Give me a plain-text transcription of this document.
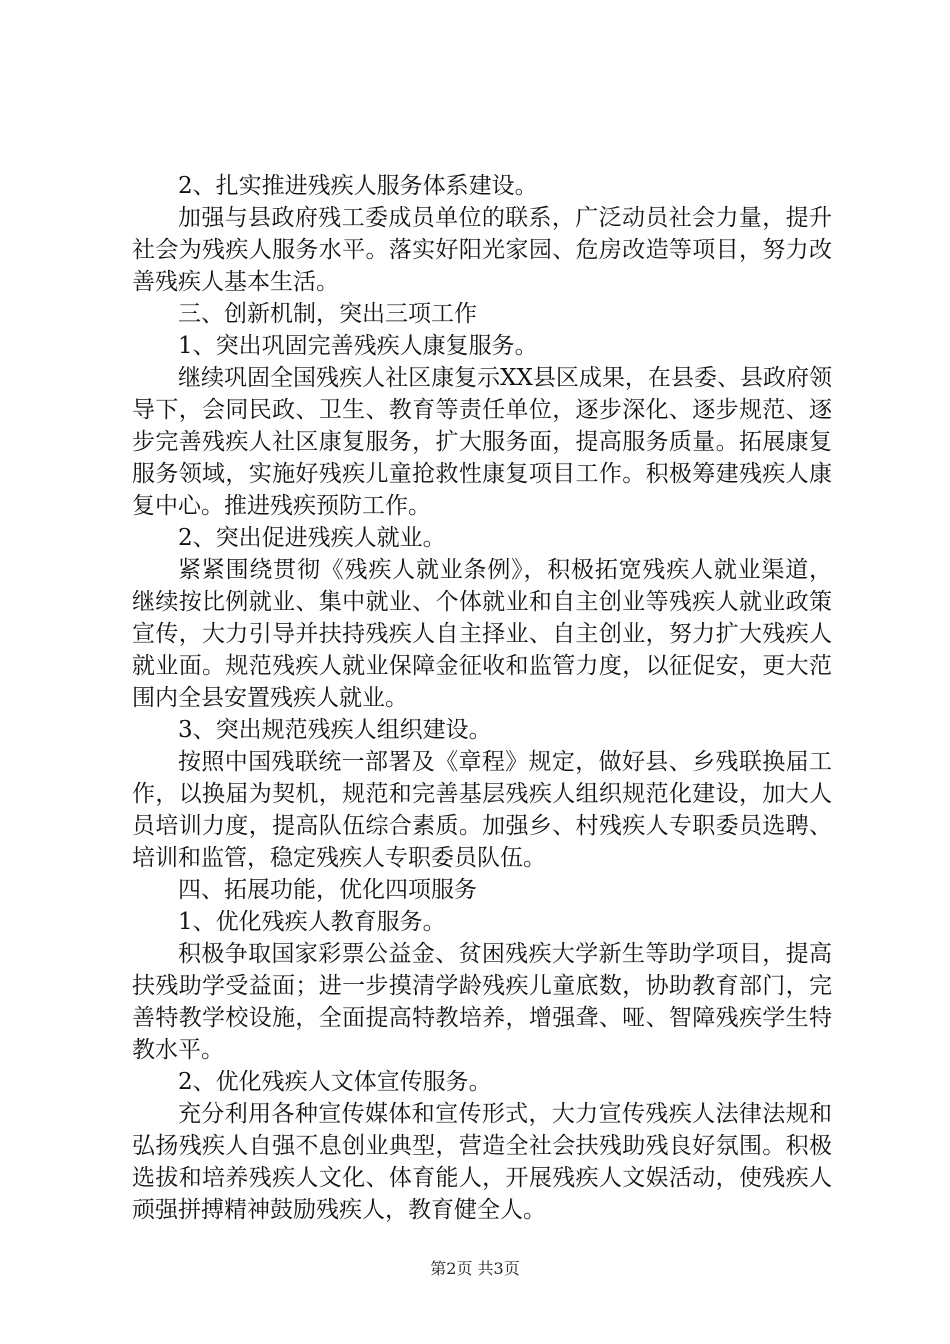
2、扎实推进残疾人服务体系建设。

加强与县政府残工委成员单位的联系，广泛动员社会力量，提升社会为残疾人服务水平。落实好阳光家园、危房改造等项目，努力改善残疾人基本生活。

三、创新机制，突出三项工作

1、突出巩固完善残疾人康复服务。

继续巩固全国残疾人社区康复示XX县区成果，在县委、县政府领导下，会同民政、卫生、教育等责任单位，逐步深化、逐步规范、逐步完善残疾人社区康复服务，扩大服务面，提高服务质量。拓展康复服务领域，实施好残疾儿童抢救性康复项目工作。积极筹建残疾人康复中心。推进残疾预防工作。

2、突出促进残疾人就业。

紧紧围绕贯彻《残疾人就业条例》，积极拓宽残疾人就业渠道，继续按比例就业、集中就业、个体就业和自主创业等残疾人就业政策宣传，大力引导并扶持残疾人自主择业、自主创业，努力扩大残疾人就业面。规范残疾人就业保障金征收和监管力度，以征促安，更大范围内全县安置残疾人就业。

3、突出规范残疾人组织建设。

按照中国残联统一部署及《章程》规定，做好县、乡残联换届工作，以换届为契机，规范和完善基层残疾人组织规范化建设，加大人员培训力度，提高队伍综合素质。加强乡、村残疾人专职委员选聘、培训和监管，稳定残疾人专职委员队伍。

四、拓展功能，优化四项服务

1、优化残疾人教育服务。

积极争取国家彩票公益金、贫困残疾大学新生等助学项目，提高扶残助学受益面；进一步摸清学龄残疾儿童底数，协助教育部门，完善特教学校设施，全面提高特教培养，增强聋、哑、智障残疾学生特教水平。

2、优化残疾人文体宣传服务。

充分利用各种宣传媒体和宣传形式，大力宣传残疾人法律法规和弘扬残疾人自强不息创业典型，营造全社会扶残助残良好氛围。积极选拔和培养残疾人文化、体育能人，开展残疾人文娱活动，使残疾人顽强拼搏精神鼓励残疾人，教育健全人。

第2页 共3页
